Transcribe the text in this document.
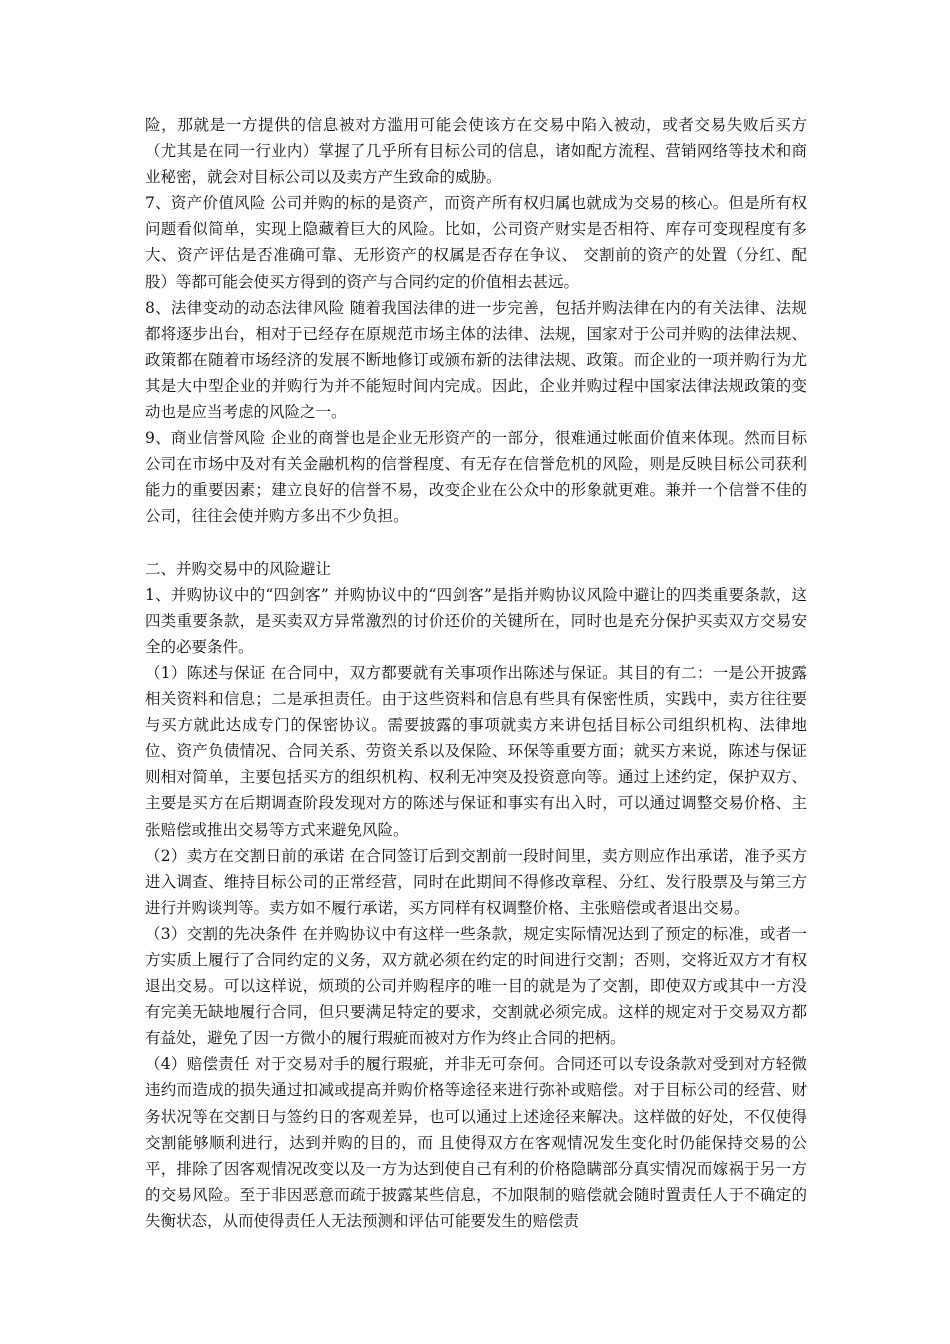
险，那就是一方提供的信息被对方滥用可能会使该方在交易中陷入被动，或者交易失败后买方（尤其是在同一行业内）掌握了几乎所有目标公司的信息，诸如配方流程、营销网络等技术和商业秘密，就会对目标公司以及卖方产生致命的威胁。

7、资产价值风险 公司并购的标的是资产，而资产所有权归属也就成为交易的核心。但是所有权问题看似简单，实现上隐藏着巨大的风险。比如，公司资产财实是否相符、库存可变现程度有多大、资产评估是否准确可靠、无形资产的权属是否存在争议、 交割前的资产的处置（分红、配股）等都可能会使买方得到的资产与合同约定的价值相去甚远。

8、法律变动的动态法律风险 随着我国法律的进一步完善，包括并购法律在内的有关法律、法规都将逐步出台，相对于已经存在原规范市场主体的法律、法规，国家对于公司并购的法律法规、政策都在随着市场经济的发展不断地修订或颁布新的法律法规、政策。而企业的一项并购行为尤其是大中型企业的并购行为并不能短时间内完成。因此，企业并购过程中国家法律法规政策的变动也是应当考虑的风险之一。

9、商业信誉风险 企业的商誉也是企业无形资产的一部分，很难通过帐面价值来体现。然而目标公司在市场中及对有关金融机构的信誉程度、有无存在信誉危机的风险，则是反映目标公司获利能力的重要因素；建立良好的信誉不易，改变企业在公众中的形象就更难。兼并一个信誉不佳的公司，往往会使并购方多出不少负担。

二、并购交易中的风险避让

1、并购协议中的“四剑客” 并购协议中的“四剑客”是指并购协议风险中避让的四类重要条款，这四类重要条款，是买卖双方异常激烈的讨价还价的关键所在，同时也是充分保护买卖双方交易安全的必要条件。

（1）陈述与保证 在合同中，双方都要就有关事项作出陈述与保证。其目的有二：一是公开披露相关资料和信息；二是承担责任。由于这些资料和信息有些具有保密性质，实践中，卖方往往要与买方就此达成专门的保密协议。需要披露的事项就卖方来讲包括目标公司组织机构、法律地位、资产负债情况、合同关系、劳资关系以及保险、环保等重要方面；就买方来说，陈述与保证则相对简单，主要包括买方的组织机构、权利无冲突及投资意向等。通过上述约定，保护双方、主要是买方在后期调查阶段发现对方的陈述与保证和事实有出入时，可以通过调整交易价格、主张赔偿或推出交易等方式来避免风险。

（2）卖方在交割日前的承诺 在合同签订后到交割前一段时间里，卖方则应作出承诺，准予买方进入调查、维持目标公司的正常经营，同时在此期间不得修改章程、分红、发行股票及与第三方进行并购谈判等。卖方如不履行承诺，买方同样有权调整价格、主张赔偿或者退出交易。

（3）交割的先决条件 在并购协议中有这样一些条款，规定实际情况达到了预定的标准，或者一方实质上履行了合同约定的义务，双方就必须在约定的时间进行交割；否则，交将近双方才有权退出交易。可以这样说，烦琐的公司并购程序的唯一目的就是为了交割，即使双方或其中一方没有完美无缺地履行合同，但只要满足特定的要求，交割就必须完成。这样的规定对于交易双方都有益处，避免了因一方微小的履行瑕疵而被对方作为终止合同的把柄。

（4）赔偿责任 对于交易对手的履行瑕疵，并非无可奈何。合同还可以专设条款对受到对方轻微违约而造成的损失通过扣减或提高并购价格等途径来进行弥补或赔偿。对于目标公司的经营、财务状况等在交割日与签约日的客观差异，也可以通过上述途径来解决。这样做的好处，不仅使得交割能够顺利进行，达到并购的目的，而 且使得双方在客观情况发生变化时仍能保持交易的公平，排除了因客观情况改变以及一方为达到使自己有利的价格隐瞒部分真实情况而嫁祸于另一方的交易风险。至于非因恶意而疏于披露某些信息，不加限制的赔偿就会随时置责任人于不确定的失衡状态，从而使得责任人无法预测和评估可能要发生的赔偿责
